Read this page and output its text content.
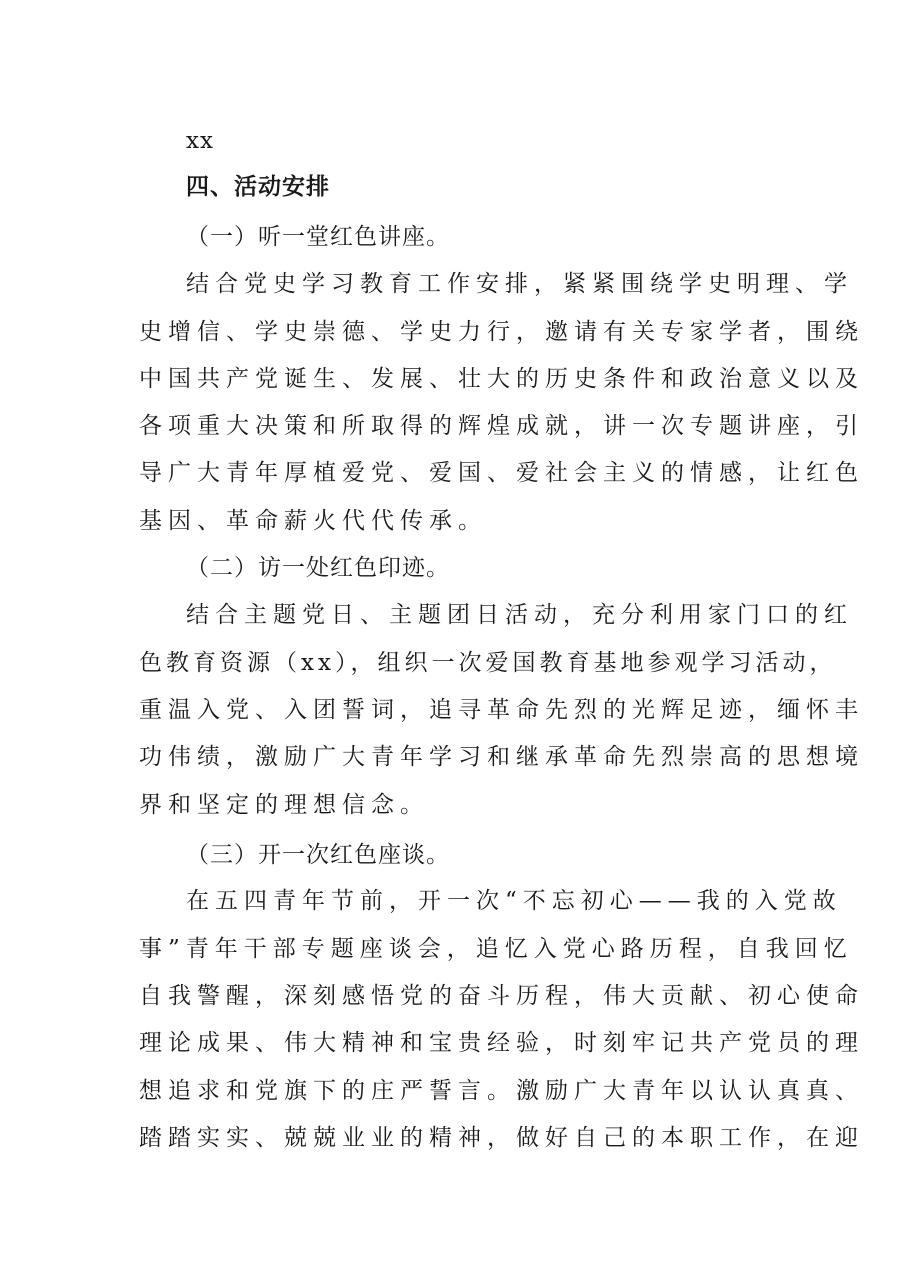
xx
四、活动安排
（一）听一堂红色讲座。
结合党史学习教育工作安排，紧紧围绕学史明理、学
史增信、学史崇德、学史力行，邀请有关专家学者，围绕
中国共产党诞生、发展、壮大的历史条件和政治意义以及
各项重大决策和所取得的辉煌成就，讲一次专题讲座，引
导广大青年厚植爱党、爱国、爱社会主义的情感，让红色
基因、革命薪火代代传承。
（二）访一处红色印迹。
结合主题党日、主题团日活动，充分利用家门口的红
色教育资源（xx），组织一次爱国教育基地参观学习活动，
重温入党、入团誓词，追寻革命先烈的光辉足迹，缅怀丰
功伟绩，激励广大青年学习和继承革命先烈崇高的思想境
界和坚定的理想信念。
（三）开一次红色座谈。
在五四青年节前，开一次“不忘初心——我的入党故
事”青年干部专题座谈会，追忆入党心路历程，自我回忆
自我警醒，深刻感悟党的奋斗历程，伟大贡献、初心使命
理论成果、伟大精神和宝贵经验，时刻牢记共产党员的理
想追求和党旗下的庄严誓言。激励广大青年以认认真真、
踏踏实实、兢兢业业的精神，做好自己的本职工作，在迎
